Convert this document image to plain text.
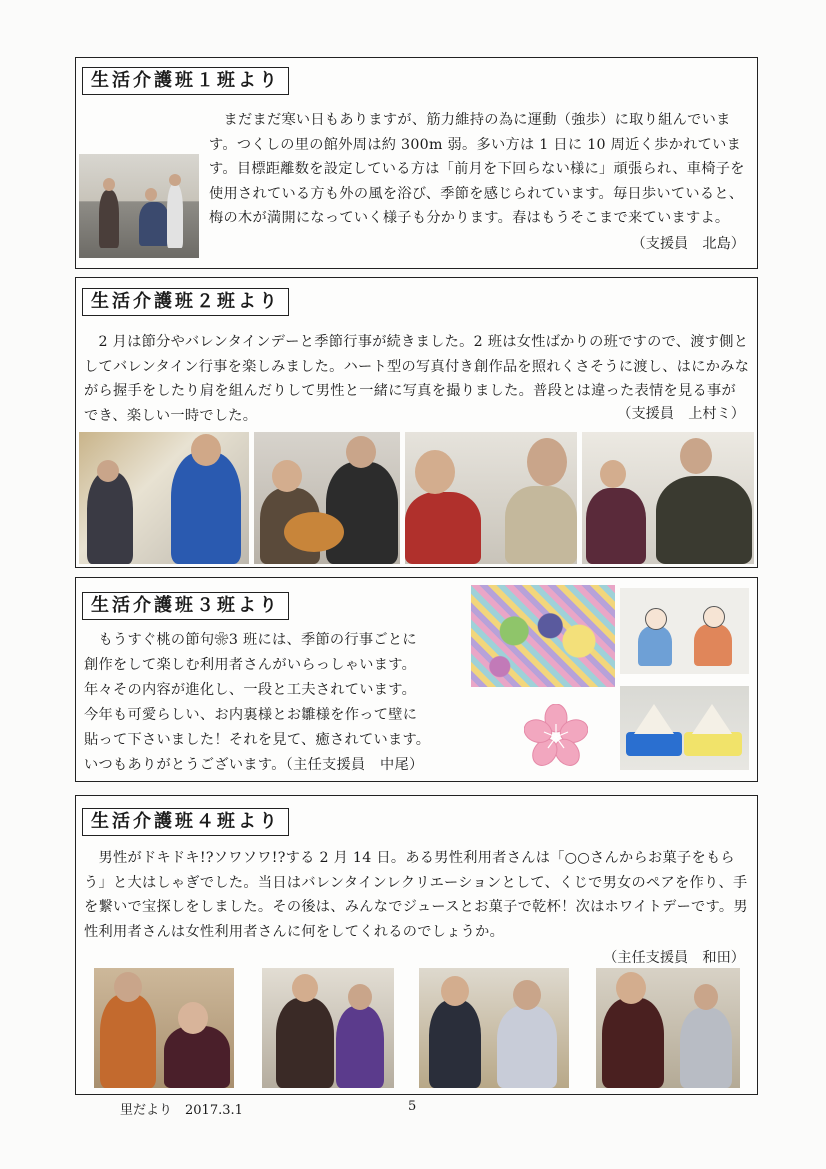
生活介護班１班より
　まだまだ寒い日もありますが、筋力維持の為に運動（強歩）に取り組んでいます。つくしの里の館外周は約 300m 弱。多い方は 1 日に 10 周近く歩かれています。目標距離数を設定している方は「前月を下回らない様に」頑張られ、車椅子を使用されている方も外の風を浴び、季節を感じられています。毎日歩いていると、梅の木が満開になっていく様子も分かります。春はもうそこまで来ていますよ。
（支援員　北島）
生活介護班２班より
　2 月は節分やバレンタインデーと季節行事が続きました。2 班は女性ばかりの班ですので、渡す側としてバレンタイン行事を楽しみました。ハート型の写真付き創作品を照れくさそうに渡し、はにかみながら握手をしたり肩を組んだりして男性と一緒に写真を撮りました。普段とは違った表情を見る事ができ、楽しい一時でした。	（支援員　上村ミ）
生活介護班３班より
　もうすぐ桃の節句❀3 班には、季節の行事ごとに
創作をして楽しむ利用者さんがいらっしゃいます。
年々その内容が進化し、一段と工夫されています。
今年も可愛らしい、お内裏様とお雛様を作って壁に
貼って下さいました！それを見て、癒されています。
いつもありがとうございます。（主任支援員　中尾）
生活介護班４班より
　男性がドキドキ!?ソワソワ!?する 2 月 14 日。ある男性利用者さんは「○○さんからお菓子をもらう」と大はしゃぎでした。当日はバレンタインレクリエーションとして、くじで男女のペアを作り、手を繋いで宝探しをしました。その後は、みんなでジュースとお菓子で乾杯！次はホワイトデーです。男性利用者さんは女性利用者さんに何をしてくれるのでしょうか。
（主任支援員　和田）
里だより　2017.3.1	5
